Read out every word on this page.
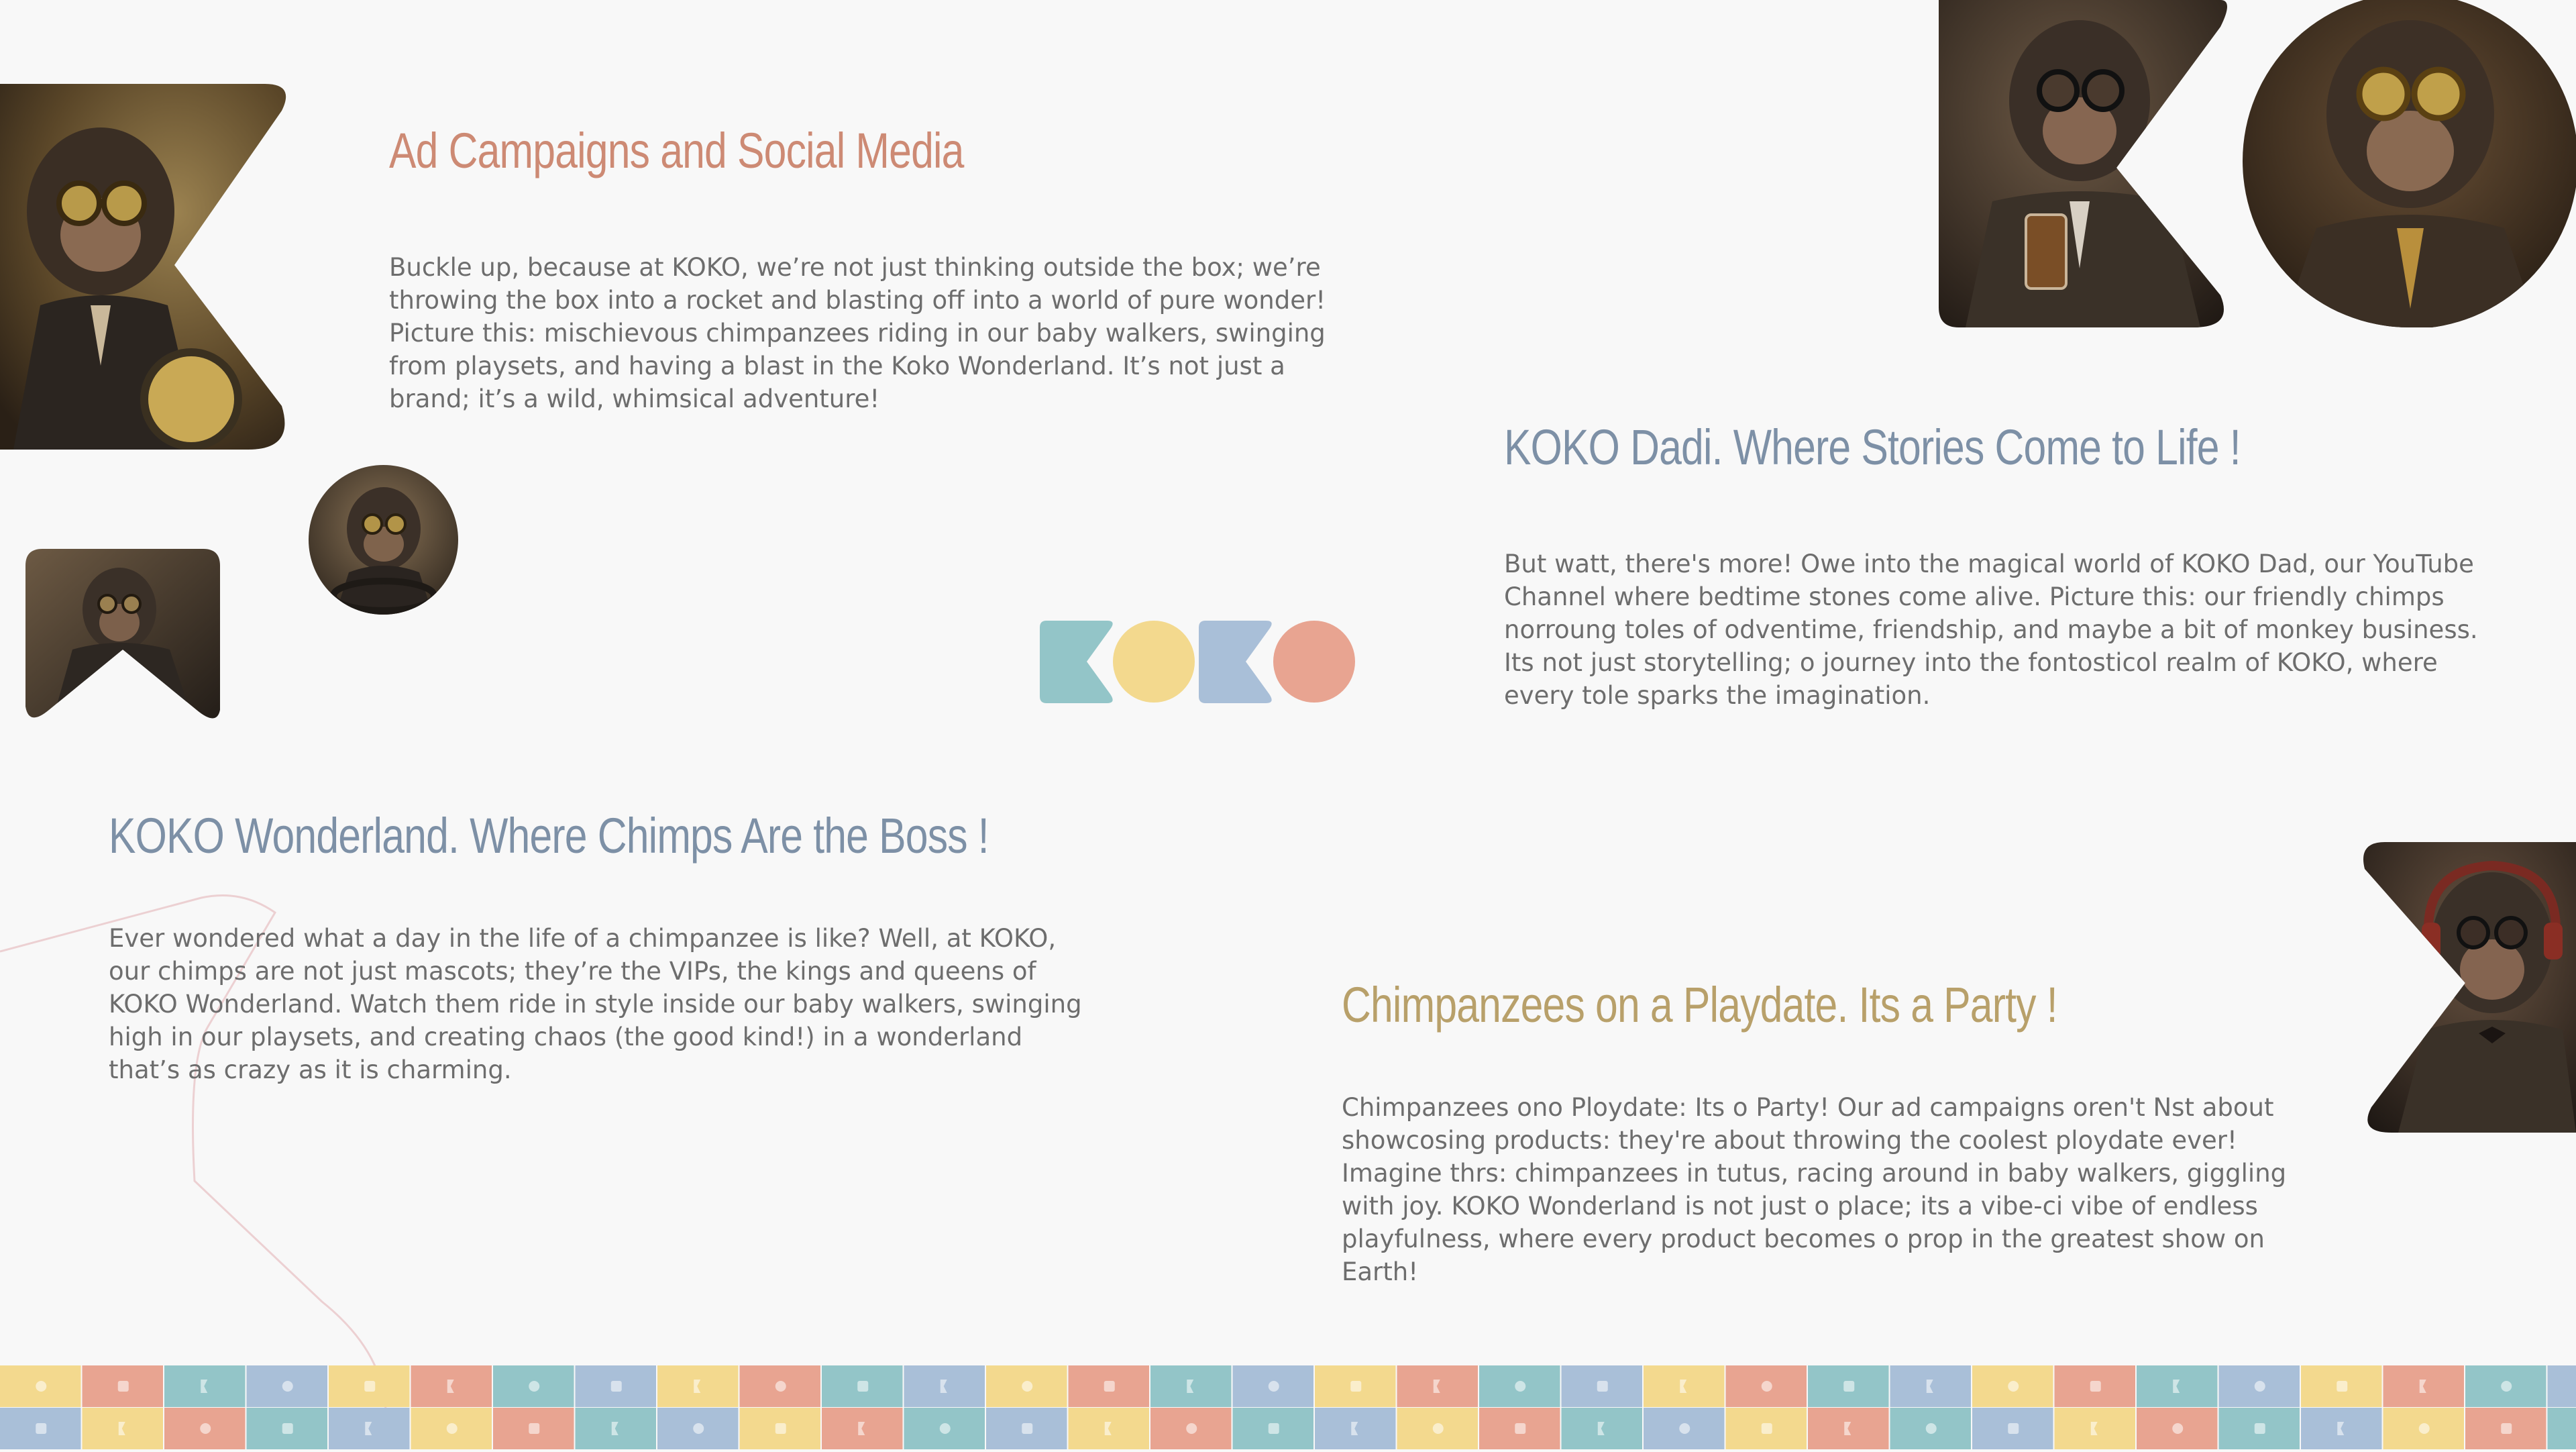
Ad Campaigns and Social Media

Buckle up, because at KOKO, we’re not just thinking outside the box; we’re throwing the box into a rocket and blasting off into a world of pure wonder! Picture this: mischievous chimpanzees riding in our baby walkers, swinging from playsets, and having a blast in the Koko Wonderland. It’s not just a brand; it’s a wild, whimsical adventure!

KOKO Dadi. Where Stories Come to Life !

But watt, there's more! Owe into the magical world of KOKO Dad, our YouTube Channel where bedtime stones come alive. Picture this: our friendly chimps norroung toles of odventime, friendship, and maybe a bit of monkey business. Its not just storytelling; o journey into the fontosticol realm of KOKO, where every tole sparks the imagination.

KOKO Wonderland. Where Chimps Are the Boss !

Ever wondered what a day in the life of a chimpanzee is like? Well, at KOKO, our chimps are not just mascots; they’re the VIPs, the kings and queens of KOKO Wonderland. Watch them ride in style inside our baby walkers, swinging high in our playsets, and creating chaos (the good kind!) in a wonderland that’s as crazy as it is charming.

Chimpanzees on a Playdate. Its a Party !

Chimpanzees ono Ploydate: Its o Party! Our ad campaigns oren't Nst about showcosing products: they're about throwing the coolest ploydate ever! Imagine thrs: chimpanzees in tutus, racing around in baby walkers, giggling with joy. KOKO Wonderland is not just o place; its a vibe-ci vibe of endless playfulness, where every product becomes o prop in the greatest show on Earth!
